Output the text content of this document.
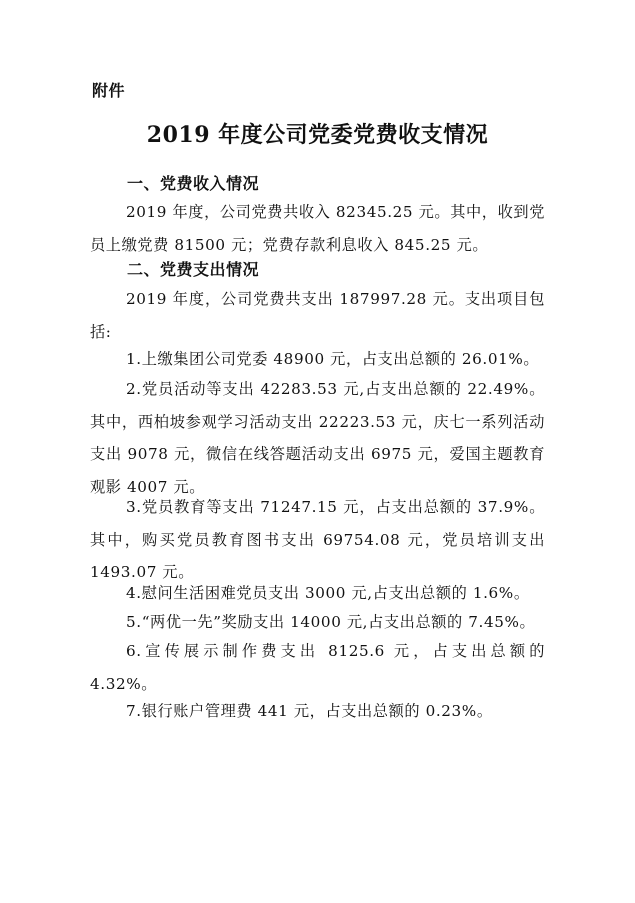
附件
2019 年度公司党委党费收支情况
一、党费收入情况

2019 年度，公司党费共收入 82345.25 元。其中，收到党员上缴党费 81500 元；党费存款利息收入 845.25 元。

二、党费支出情况

2019 年度，公司党费共支出 187997.28 元。支出项目包括:

1.上缴集团公司党委 48900 元，占支出总额的 26.01%。

2.党员活动等支出 42283.53 元,占支出总额的 22.49%。其中，西柏坡参观学习活动支出 22223.53 元，庆七一系列活动支出 9078 元，微信在线答题活动支出 6975 元，爱国主题教育观影 4007 元。

3.党员教育等支出 71247.15 元，占支出总额的 37.9%。其中，购买党员教育图书支出 69754.08 元，党员培训支出 1493.07 元。

4.慰问生活困难党员支出 3000 元,占支出总额的 1.6%。

5.“两优一先”奖励支出 14000 元,占支出总额的 7.45%。

6.宣传展示制作费支出 8125.6 元，占支出总额的 4.32%。

7.银行账户管理费 441 元，占支出总额的 0.23%。
